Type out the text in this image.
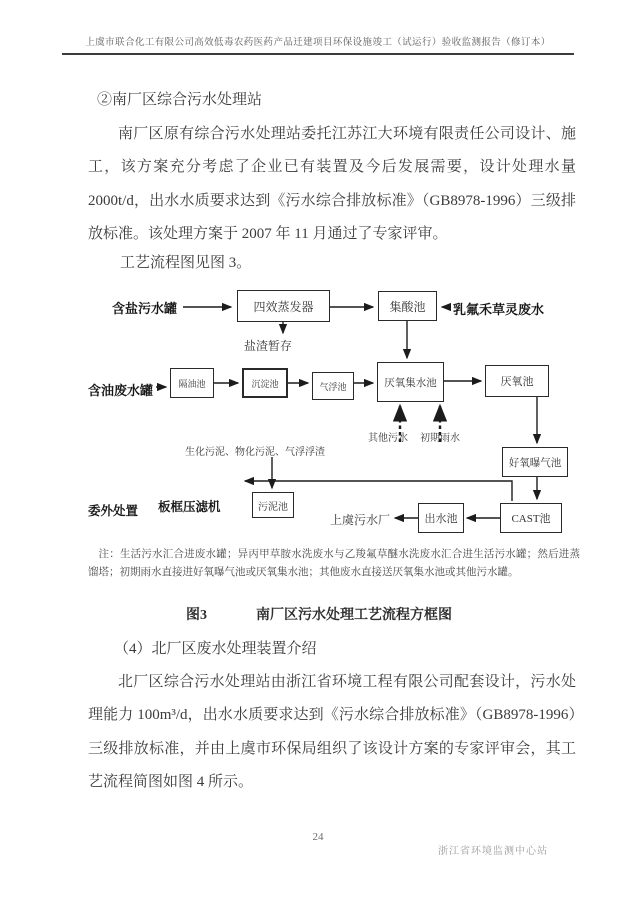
上虞市联合化工有限公司高效低毒农药医药产品迁建项目环保设施竣工（试运行）验收监测报告（修订本）
②南厂区综合污水处理站

南厂区原有综合污水处理站委托江苏江大环境有限责任公司设计、施工，该方案充分考虑了企业已有装置及今后发展需要，设计处理水量2000t/d，出水水质要求达到《污水综合排放标准》（GB8978-1996）三级排放标准。该处理方案于 2007 年 11 月通过了专家评审。

工艺流程图见图 3。
含盐污水罐	四效蒸发器	集酸池	乳氟禾草灵废水
盐渣暂存
含油废水罐	隔油池	沉淀池	气浮池	厌氧集水池	厌氧池
其他污水 初期雨水
生化污泥、物化污泥、气浮浮渣
污泥池
板框压滤机
委外处置
好氧曝气池
CAST池
出水池
上虞污水厂

注：生活污水汇合进废水罐；异丙甲草胺水洗废水与乙羧氟草醚水洗废水汇合进生活污水罐；然后进蒸馏塔；初期雨水直接进好氧曝气池或厌氧集水池；其他废水直接送厌氧集水池或其他污水罐。

图3	南厂区污水处理工艺流程方框图
（4）北厂区废水处理装置介绍

北厂区综合污水处理站由浙江省环境工程有限公司配套设计，污水处理能力 100m³/d，出水水质要求达到《污水综合排放标准》（GB8978-1996）三级排放标准，并由上虞市环保局组织了该设计方案的专家评审会，其工艺流程简图如图 4 所示。

24
浙江省环境监测中心站
